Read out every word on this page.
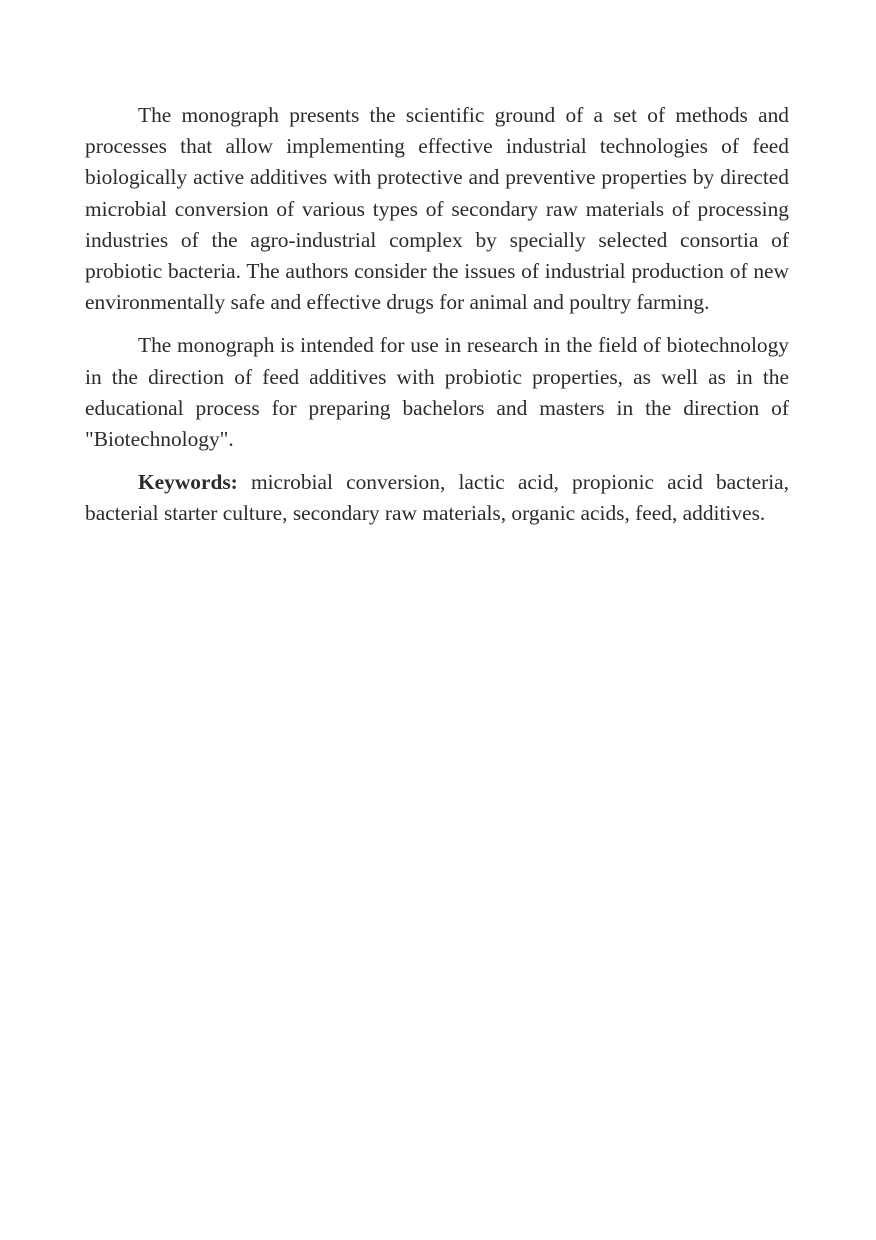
The monograph presents the scientific ground of a set of methods and processes that allow implementing effective industrial technologies of feed biologically active additives with protective and preventive properties by directed microbial conversion of various types of secondary raw materials of processing industries of the agro-industrial complex by specially selected consortia of probiotic bacteria. The authors consider the issues of industrial production of new environmentally safe and effective drugs for animal and poultry farming.

The monograph is intended for use in research in the field of biotechnology in the direction of feed additives with probiotic properties, as well as in the educational process for preparing bachelors and masters in the direction of "Biotechnology".

Keywords: microbial conversion, lactic acid, propionic acid bacteria, bacterial starter culture, secondary raw materials, organic acids, feed, additives.
